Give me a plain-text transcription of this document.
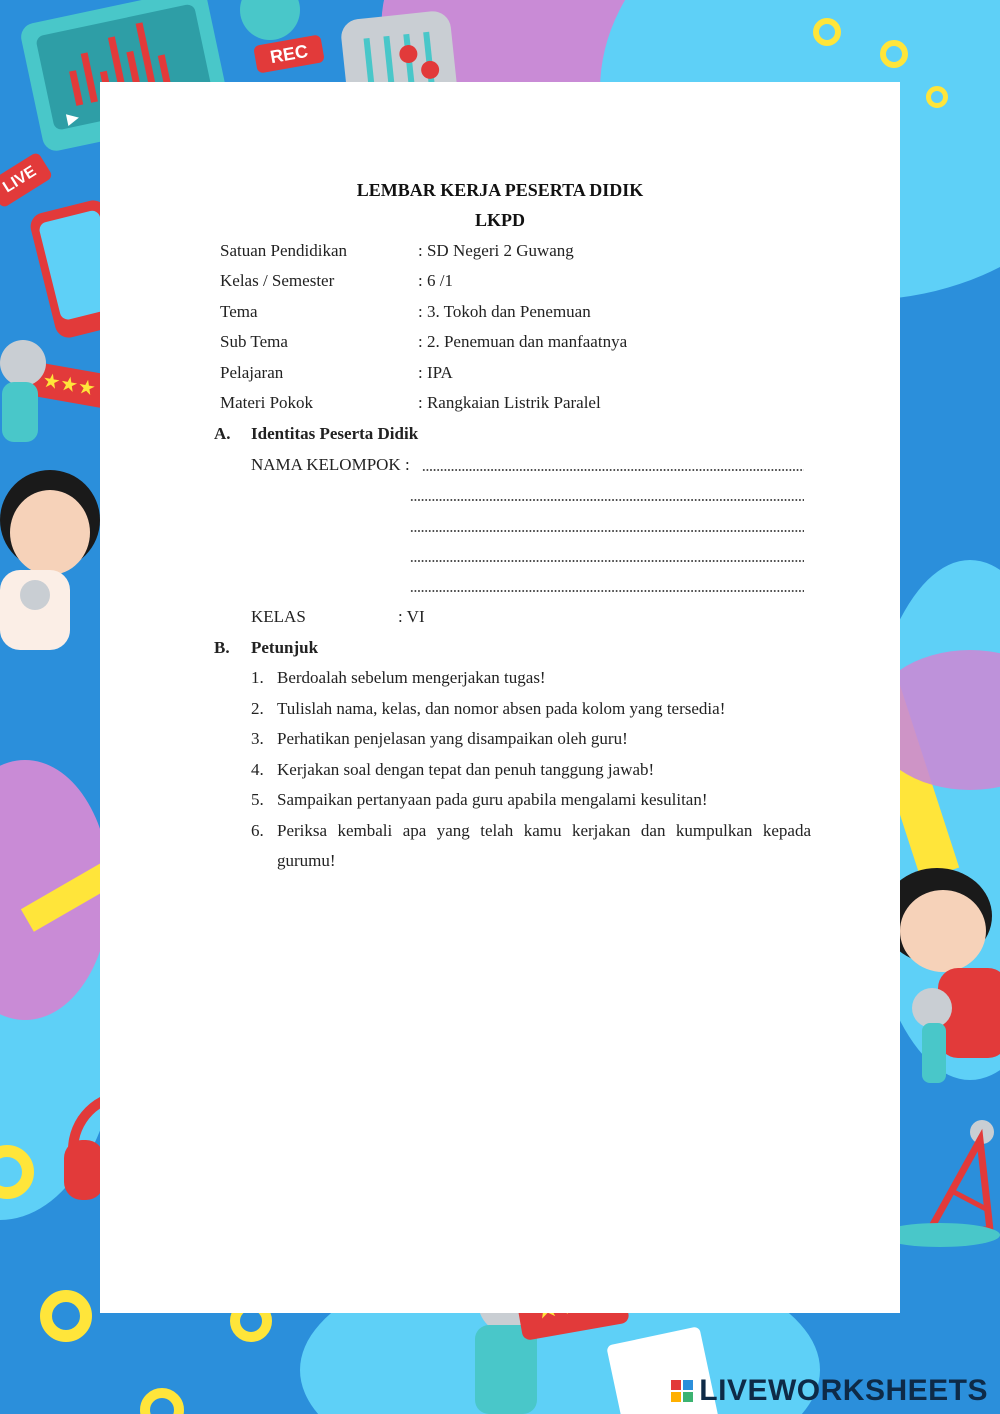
REC
LIVE
★★★
LEMBAR KERJA PESERTA DIDIK
LKPD
Satuan Pendidikan	: SD Negeri 2 Guwang
Kelas / Semester	: 6 /1
Tema	: 3. Tokoh dan Penemuan
Sub Tema	: 2. Penemuan dan manfaatnya
Pelajaran	: IPA
Materi Pokok	: Rangkaian Listrik Paralel
A. Identitas Peserta Didik
NAMA KELOMPOK :
KELAS	: VI
B. Petunjuk
1. Berdoalah sebelum mengerjakan tugas!
2. Tulislah nama, kelas, dan nomor absen pada kolom yang tersedia!
3. Perhatikan penjelasan yang disampaikan oleh guru!
4. Kerjakan soal dengan tepat dan penuh tanggung jawab!
5. Sampaikan pertanyaan pada guru apabila mengalami kesulitan!
6. Periksa kembali apa yang telah kamu kerjakan dan kumpulkan kepada
gurumu!
LIVEWORKSHEETS
